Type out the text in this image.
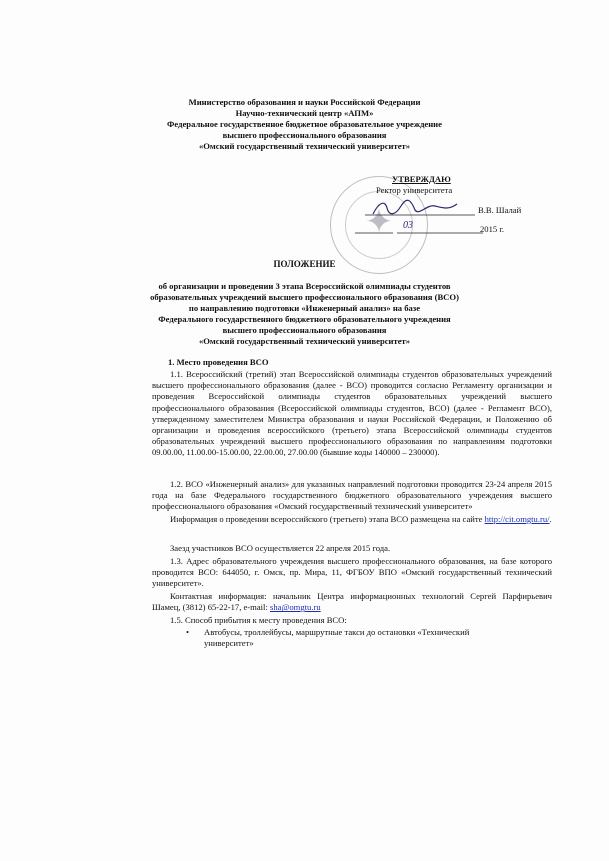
Министерство образования и науки Российской Федерации
Научно-технический центр «АПМ»
Федеральное государственное бюджетное образовательное учреждение
высшего профессионального образования
«Омский государственный технический университет»
✦
УТВЕРЖДАЮ
Ректор университета
В.В. Шалай
03	2015 г.
ПОЛОЖЕНИЕ
об организации и проведении 3 этапа Всероссийской олимпиады студентов
образовательных учреждений высшего профессионального образования (ВСО)
по направлению подготовки «Инженерный анализ» на базе
Федерального государственного бюджетного образовательного учреждения
высшего профессионального образования
«Омский государственный технический университет»
1. Место проведения ВСО
1.1. Всероссийский (третий) этап Всероссийской олимпиады студентов образовательных учреждений высшего профессионального образования (далее - ВСО) проводится согласно Регламенту организации и проведения Всероссийской олимпиады студентов образовательных учреждений высшего профессионального образования (Всероссийской олимпиады студентов, ВСО) (далее - Регламент ВСО), утвержденному заместителем Министра образования и науки Российской Федерации, и Положению об организации и проведения всероссийского (третьего) этапа Всероссийской олимпиады студентов образовательных учреждений высшего профессионального образования по направлениям подготовки 09.00.00, 11.00.00-15.00.00, 22.00.00, 27.00.00 (бывшие коды 140000 – 230000).
1.2. ВСО «Инженерный анализ» для указанных направлений подготовки проводится 23-24 апреля 2015 года на базе Федерального государственного бюджетного образовательного учреждения высшего профессионального образования «Омский государственный технический университет»
Информация о проведении всероссийского (третьего) этапа ВСО размещена на сайте http://cit.omgtu.ru/.
Заезд участников ВСО осуществляется 22 апреля 2015 года.
1.3. Адрес образовательного учреждения высшего профессионального образования, на базе которого проводится ВСО: 644050, г. Омск, пр. Мира, 11, ФГБОУ ВПО «Омский государственный технический университет».
Контактная информация: начальник Центра информационных технологий Сергей Парфирьевич Шамец, (3812) 65-22-17, e-mail: sha@omgtu.ru
1.5. Способ прибытия к месту проведения ВСО:
• Автобусы, троллейбусы, маршрутные такси до остановки «Технический университет»
